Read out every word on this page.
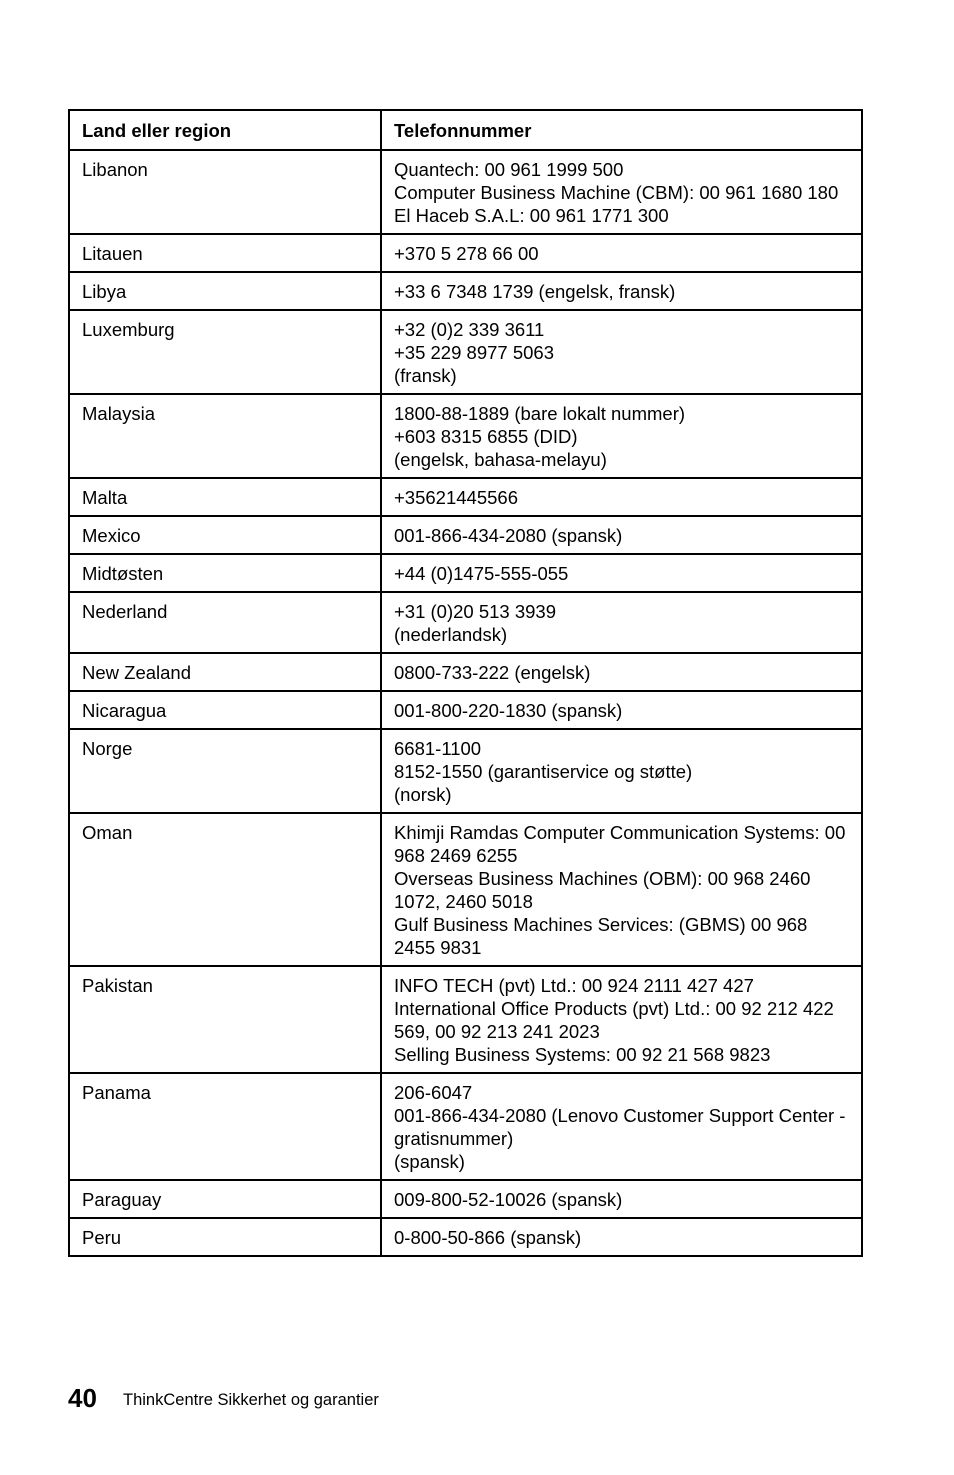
Land eller region	Telefonnummer
Libanon	Quantech: 00 961 1999 500
Computer Business Machine (CBM): 00 961 1680 180
El Haceb S.A.L: 00 961 1771 300

Litauen	+370 5 278 66 00

Libya	+33 6 7348 1739 (engelsk, fransk)

Luxemburg	+32 (0)2 339 3611
+35 229 8977 5063
(fransk)

Malaysia	1800-88-1889 (bare lokalt nummer)
+603 8315 6855 (DID)
(engelsk, bahasa-melayu)

Malta	+35621445566

Mexico	001-866-434-2080 (spansk)

Midtøsten	+44 (0)1475-555-055

Nederland	+31 (0)20 513 3939
(nederlandsk)

New Zealand	0800-733-222 (engelsk)

Nicaragua	001-800-220-1830 (spansk)

Norge	6681-1100
8152-1550 (garantiservice og støtte)
(norsk)

Oman	Khimji Ramdas Computer Communication Systems: 00 968 2469 6255
Overseas Business Machines (OBM): 00 968 2460 1072, 2460 5018
Gulf Business Machines Services: (GBMS) 00 968 2455 9831

Pakistan	INFO TECH (pvt) Ltd.: 00 924 2111 427 427
International Office Products (pvt) Ltd.: 00 92 212 422 569, 00 92 213 241 2023
Selling Business Systems: 00 92 21 568 9823

Panama	206-6047
001-866-434-2080 (Lenovo Customer Support Center - gratisnummer)
(spansk)

Paraguay	009-800-52-10026 (spansk)

Peru	0-800-50-866 (spansk)
40 ThinkCentre Sikkerhet og garantier
